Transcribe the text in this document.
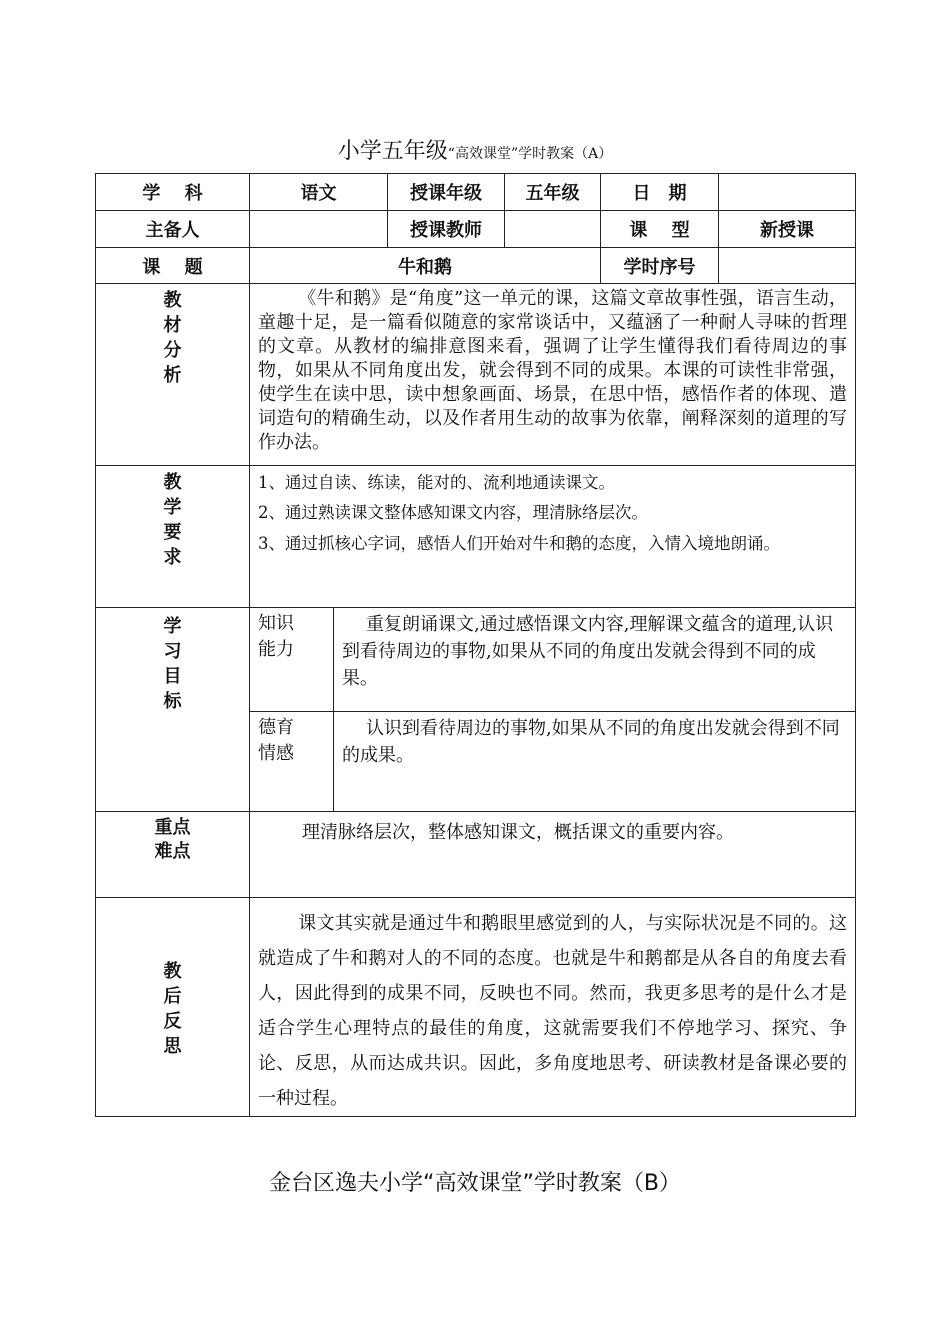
小学五年级“高效课堂”学时教案（A）
学　 科	语文		授课年级	五年级	日　期	
主备人			授课教师		课　 型	新授课
课　 题	牛和鹅				学时序号	

教材分析	《牛和鹅》是“角度”这一单元的课，这篇文章故事性强，语言生动，童趣十足，是一篇看似随意的家常谈话中，又蕴涵了一种耐人寻味的哲理的文章。从教材的编排意图来看，强调了让学生懂得我们看待周边的事物，如果从不同角度出发，就会得到不同的成果。本课的可读性非常强，使学生在读中思，读中想象画面、场景，在思中悟，感悟作者的体现、遣词造句的精确生动，以及作者用生动的故事为依靠，阐释深刻的道理的写作办法。					

教学要求	1、通过自读、练读，能对的、流利地通读课文。

2、通过熟读课文整体感知课文内容，理清脉络层次。

3、通过抓核心字词，感悟人们开始对牛和鹅的态度，入情入境地朗诵。					

学习目标	知识能力	重复朗诵课文,通过感悟课文内容,理解课文蕴含的道理,认识到看待周边的事物,如果从不同的角度出发就会得到不同的成果。				

	德育情感	认识到看待周边的事物,如果从不同的角度出发就会得到不同的成果。				

重点难点	理清脉络层次，整体感知课文，概括课文的重要内容。					

教后反思	课文其实就是通过牛和鹅眼里感觉到的人，与实际状况是不同的。这就造成了牛和鹅对人的不同的态度。也就是牛和鹅都是从各自的角度去看人，因此得到的成果不同，反映也不同。然而，我更多思考的是什么才是适合学生心理特点的最佳的角度，这就需要我们不停地学习、探究、争论、反思，从而达成共识。因此，多角度地思考、研读教材是备课必要的一种过程。					
金台区逸夫小学“高效课堂”学时教案（B）
